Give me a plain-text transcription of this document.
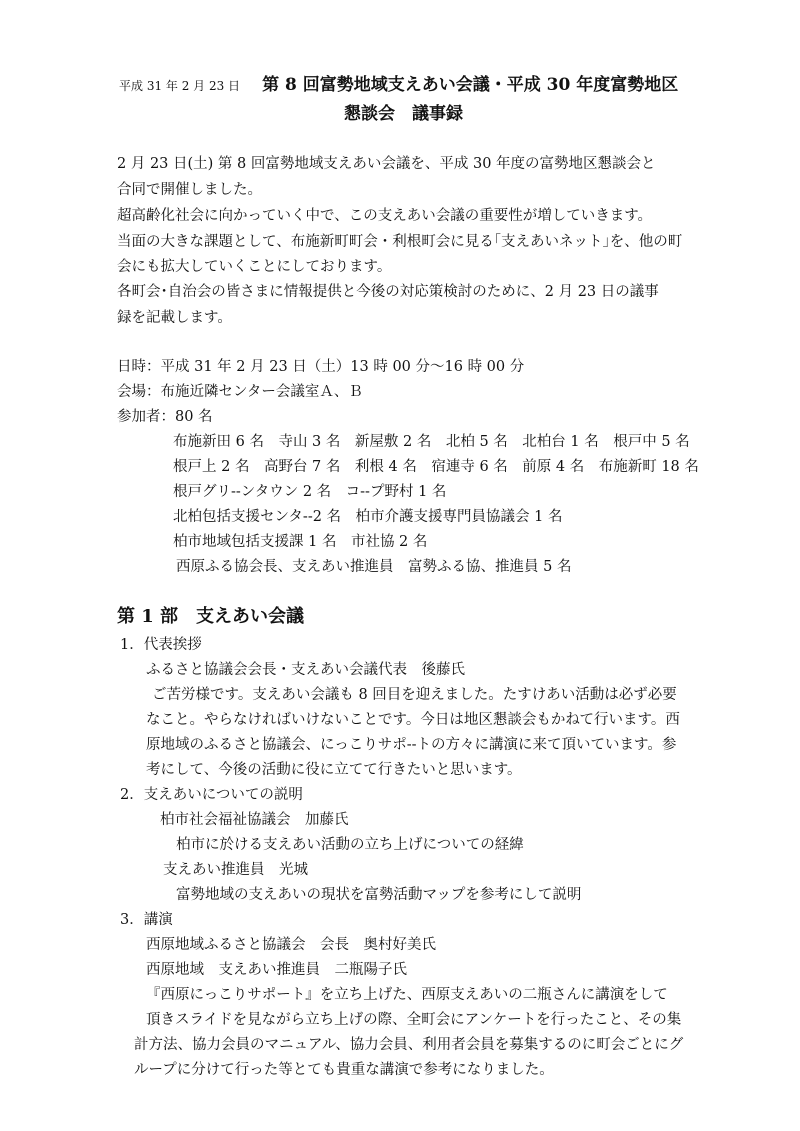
平成 31 年 2 月 23 日 第 8 回富勢地域支えあい会議・平成 30 年度富勢地区
懇談会　議事録
2 月 23 日(土) 第 8 回富勢地域支えあい会議を、平成 30 年度の富勢地区懇談会と
合同で開催しました。
超高齢化社会に向かっていく中で、この支えあい会議の重要性が増していきます。
当面の大きな課題として、布施新町町会・利根町会に見る｢支えあいネット｣を、他の町
会にも拡大していくことにしております。
各町会･自治会の皆さまに情報提供と今後の対応策検討のために、2 月 23 日の議事
録を記載します。
日時：平成 31 年 2 月 23 日（土）13 時 00 分～16 時 00 分
会場：布施近隣センター会議室Ａ、Ｂ
参加者：80 名
布施新田 6 名　寺山 3 名　新屋敷 2 名　北柏 5 名　北柏台 1 名　根戸中 5 名
根戸上 2 名　高野台 7 名　利根 4 名　宿連寺 6 名　前原 4 名　布施新町 18 名
根戸グリ--ンタウン 2 名　コ--プ野村 1 名
北柏包括支援センタ--2 名　柏市介護支援専門員協議会 1 名
柏市地域包括支援課 1 名　市社協 2 名
西原ふる協会長、支えあい推進員　富勢ふる協、推進員 5 名
第 1 部　支えあい会議
1．代表挨拶
ふるさと協議会会長・支えあい会議代表　後藤氏
ご苦労様です。支えあい会議も 8 回目を迎えました。たすけあい活動は必ず必要
なこと。やらなければいけないことです。今日は地区懇談会もかねて行います。西
原地域のふるさと協議会、にっこりサポ--トの方々に講演に来て頂いています。参
考にして、今後の活動に役に立てて行きたいと思います。
2．支えあいについての説明
柏市社会福祉協議会　加藤氏
柏市に於ける支えあい活動の立ち上げについての経緯
支えあい推進員　光城
富勢地域の支えあいの現状を富勢活動マップを参考にして説明
3．講演
西原地域ふるさと協議会　会長　奥村好美氏
西原地域　支えあい推進員　二瓶陽子氏
『西原にっこりサポート』を立ち上げた、西原支えあいの二瓶さんに講演をして
頂きスライドを見ながら立ち上げの際、全町会にアンケートを行ったこと、その集
計方法、協力会員のマニュアル、協力会員、利用者会員を募集するのに町会ごとにグ
ループに分けて行った等とても貴重な講演で参考になりました。
